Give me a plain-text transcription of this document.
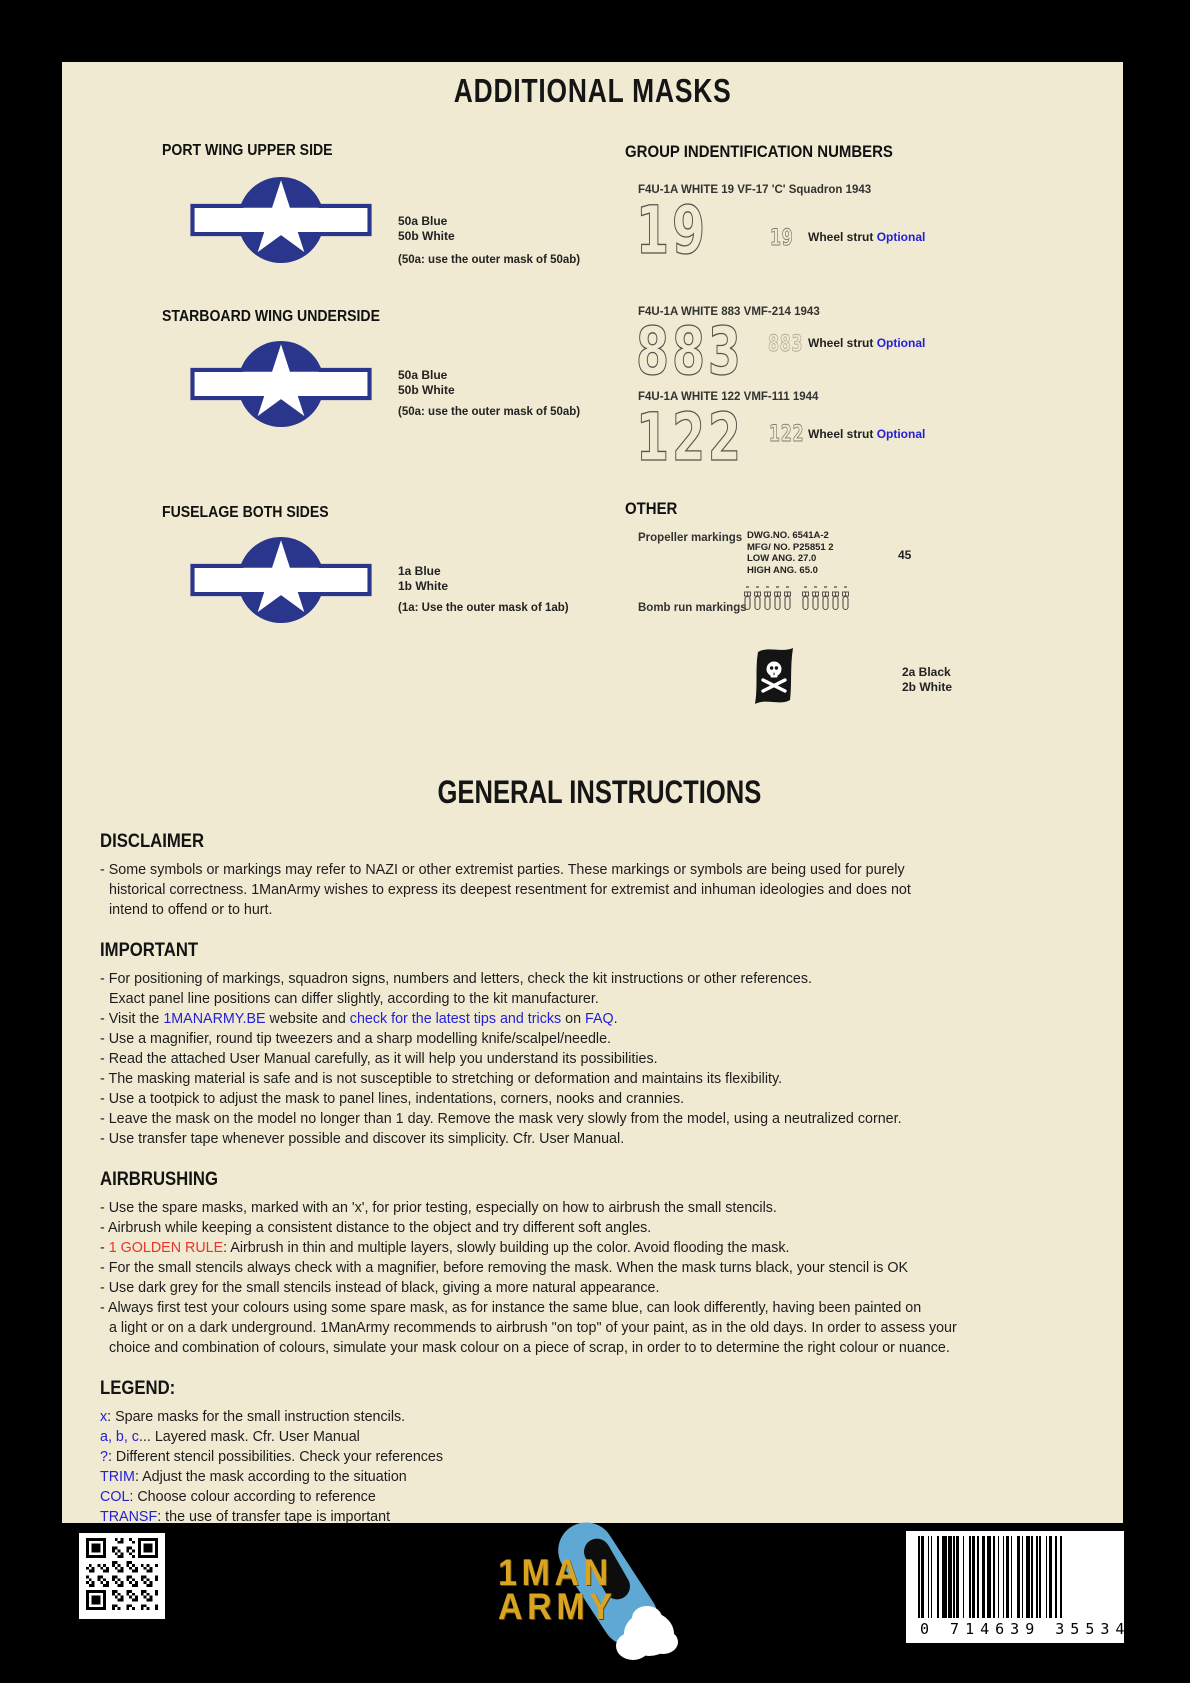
ADDITIONAL MASKS
PORT WING UPPER SIDE
50a Blue
50b White
(50a: use the outer mask of 50ab)
STARBOARD WING UNDERSIDE
50a Blue
50b White
(50a: use the outer mask of 50ab)
FUSELAGE BOTH SIDES
1a Blue
1b White
(1a: Use the outer mask of 1ab)
GROUP INDENTIFICATION NUMBERS
F4U-1A WHITE 19 VF-17 'C' Squadron 1943
19	19 Wheel strut Optional
F4U-1A WHITE 883 VMF-214 1943
883 883 Wheel strut Optional
F4U-1A WHITE 122 VMF-111 1944
122 122 Wheel strut Optional
OTHER
Propeller markings DWG.NO. 6541A-2
MFG/ NO. P25851 2
LOW ANG. 27.0
HIGH ANG. 65.0
45
Bomb run markings
2a Black
2b White
GENERAL INSTRUCTIONS
DISCLAIMER
- Some symbols or markings may refer to NAZI or other extremist parties. These markings or symbols are being used for purely
historical correctness. 1ManArmy wishes to express its deepest resentment for extremist and inhuman ideologies and does not
intend to offend or to hurt.
IMPORTANT
- For positioning of markings, squadron signs, numbers and letters, check the kit instructions or other references.
Exact panel line positions can differ slightly, according to the kit manufacturer.
- Visit the 1MANARMY.BE website and check for the latest tips and tricks on FAQ.
- Use a magnifier, round tip tweezers and a sharp modelling knife/scalpel/needle.
- Read the attached User Manual carefully, as it will help you understand its possibilities.
- The masking material is safe and is not susceptible to stretching or deformation and maintains its flexibility.
- Use a tootpick to adjust the mask to panel lines, indentations, corners, nooks and crannies.
- Leave the mask on the model no longer than 1 day. Remove the mask very slowly from the model, using a neutralized corner.
- Use transfer tape whenever possible and discover its simplicity. Cfr. User Manual.
AIRBRUSHING
- Use the spare masks, marked with an 'x', for prior testing, especially on how to airbrush the small stencils.
- Airbrush while keeping a consistent distance to the object and try different soft angles.
- 1 GOLDEN RULE: Airbrush in thin and multiple layers, slowly building up the color. Avoid flooding the mask.
- For the small stencils always check with a magnifier, before removing the mask. When the mask turns black, your stencil is OK
- Use dark grey for the small stencils instead of black, giving a more natural appearance.
- Always first test your colours using some spare mask, as for instance the same blue, can look differently, having been painted on
a light or on a dark underground. 1ManArmy recommends to airbrush "on top" of your paint, as in the old days. In order to assess your
choice and combination of colours, simulate your mask colour on a piece of scrap, in order to to determine the right colour or nuance.
LEGEND:
x: Spare masks for the small instruction stencils.
a, b, c... Layered mask. Cfr. User Manual
?: Different stencil possibilities. Check your references
TRIM: Adjust the mask according to the situation
COL: Choose colour according to reference
TRANSF: the use of transfer tape is important
1MAN
ARMY
0 714639 355348
